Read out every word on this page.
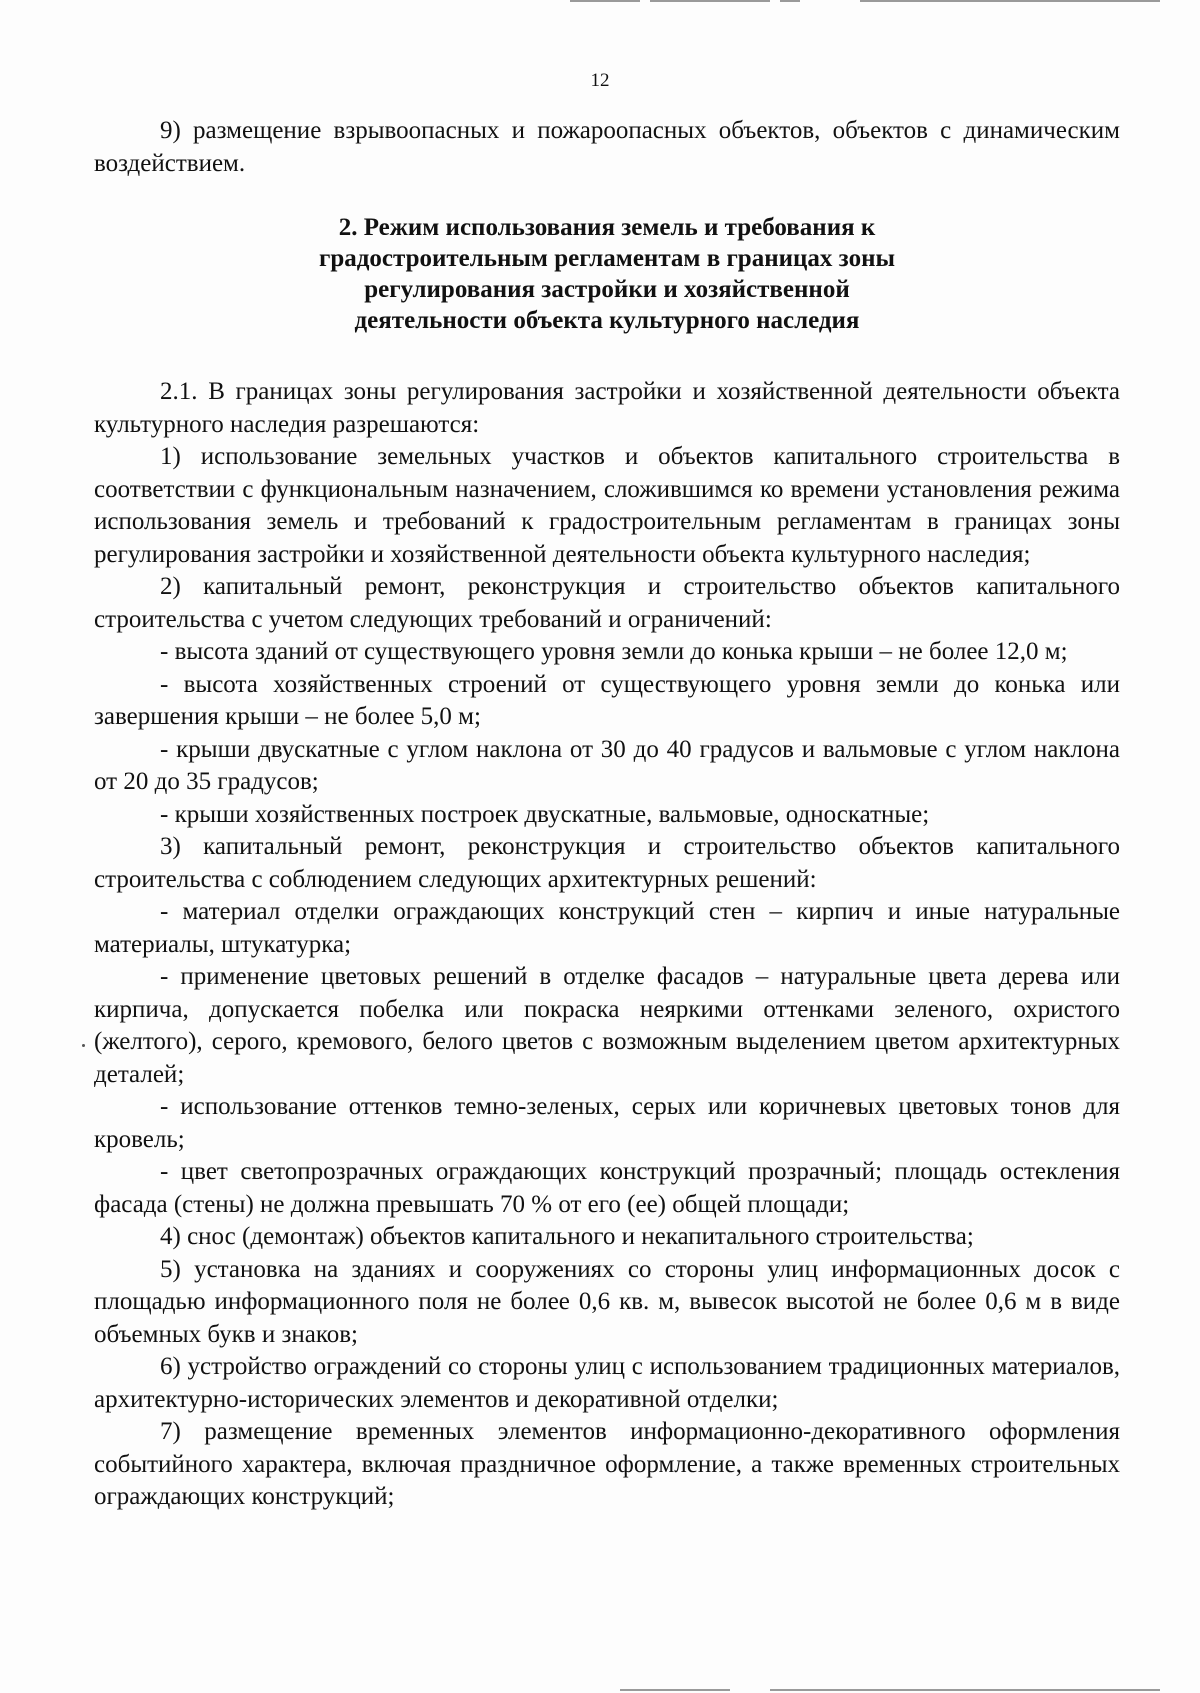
12

9) размещение взрывоопасных и пожароопасных объектов, объектов с динамическим воздействием.

2. Режим использования земель и требования к
градостроительным регламентам в границах зоны
регулирования застройки и хозяйственной
деятельности объекта культурного наследия

2.1. В границах зоны регулирования застройки и хозяйственной деятельности объекта культурного наследия разрешаются:

1) использование земельных участков и объектов капитального строительства в соответствии с функциональным назначением, сложившимся ко времени установления режима использования земель и требований к градостроительным регламентам в границах зоны регулирования застройки и хозяйственной деятельности объекта культурного наследия;

2) капитальный ремонт, реконструкция и строительство объектов капитального строительства с учетом следующих требований и ограничений:

- высота зданий от существующего уровня земли до конька крыши – не более 12,0 м;

- высота хозяйственных строений от существующего уровня земли до конька или завершения крыши – не более 5,0 м;

- крыши двускатные с углом наклона от 30 до 40 градусов и вальмовые с углом наклона от 20 до 35 градусов;

- крыши хозяйственных построек двускатные, вальмовые, односкатные;

3) капитальный ремонт, реконструкция и строительство объектов капитального строительства с соблюдением следующих архитектурных решений:

- материал отделки ограждающих конструкций стен – кирпич и иные натуральные материалы, штукатурка;

- применение цветовых решений в отделке фасадов – натуральные цвета дерева или кирпича, допускается побелка или покраска неяркими оттенками зеленого, охристого (желтого), серого, кремового, белого цветов с возможным выделением цветом архитектурных деталей;

- использование оттенков темно-зеленых, серых или коричневых цветовых тонов для кровель;

- цвет светопрозрачных ограждающих конструкций прозрачный; площадь остекления фасада (стены) не должна превышать 70 % от его (ее) общей площади;

4) снос (демонтаж) объектов капитального и некапитального строительства;

5) установка на зданиях и сооружениях со стороны улиц информационных досок с площадью информационного поля не более 0,6 кв. м, вывесок высотой не более 0,6 м в виде объемных букв и знаков;

6) устройство ограждений со стороны улиц с использованием традиционных материалов, архитектурно-исторических элементов и декоративной отделки;

7) размещение временных элементов информационно-декоративного оформления событийного характера, включая праздничное оформление, а также временных строительных ограждающих конструкций;
